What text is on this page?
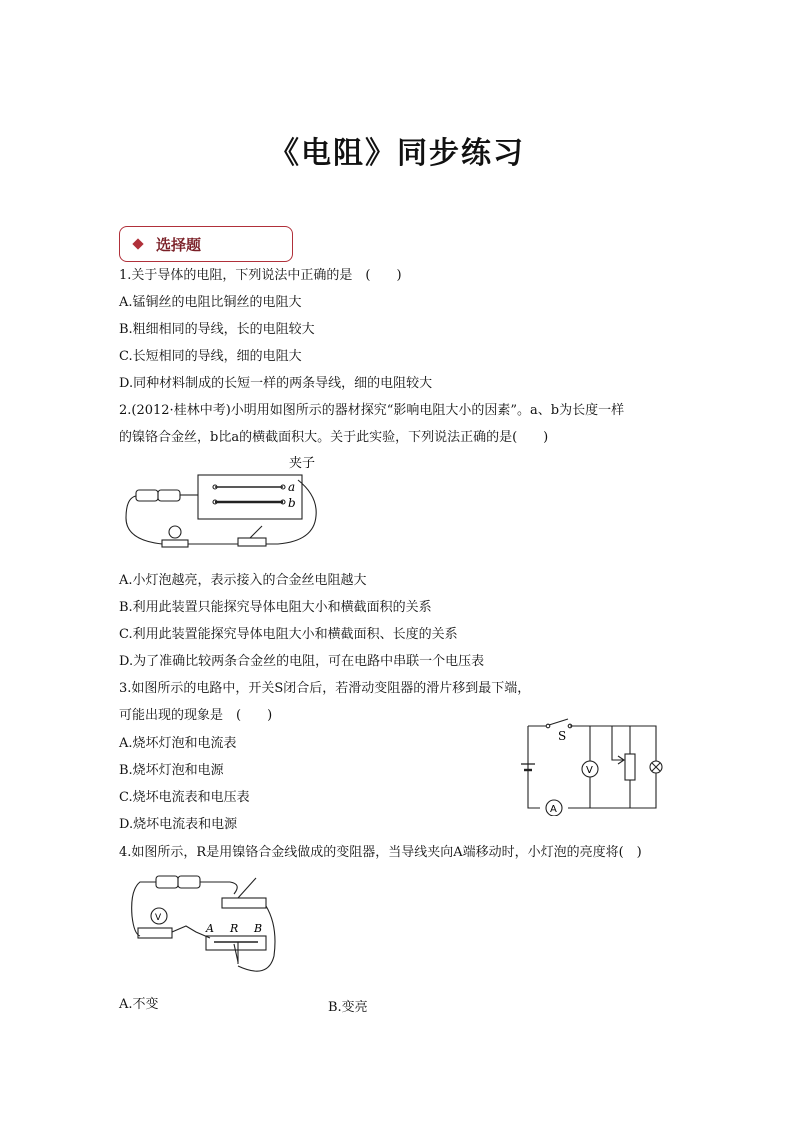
《电阻》同步练习
选择题
1.关于导体的电阻，下列说法中正确的是　(　　)
A.锰铜丝的电阻比铜丝的电阻大
B.粗细相同的导线，长的电阻较大
C.长短相同的导线，细的电阻大
D.同种材料制成的长短一样的两条导线，细的电阻较大
2.(2012·桂林中考)小明用如图所示的器材探究“影响电阻大小的因素”。a、b为长度一样
的镍铬合金丝，b比a的横截面积大。关于此实验，下列说法正确的是(　　)
夹子
a
b
A.小灯泡越亮，表示接入的合金丝电阻越大
B.利用此装置只能探究导体电阻大小和横截面积的关系
C.利用此装置能探究导体电阻大小和横截面积、长度的关系
D.为了准确比较两条合金丝的电阻，可在电路中串联一个电压表
3.如图所示的电路中，开关S闭合后，若滑动变阻器的滑片移到最下端，
可能出现的现象是　(　　)
A.烧坏灯泡和电流表
B.烧坏灯泡和电源
C.烧坏电流表和电压表
D.烧坏电流表和电源
S
V
A
4.如图所示，R是用镍铬合金线做成的变阻器，当导线夹向A端移动时，小灯泡的亮度将(　)
V
A R B
A.不变	B.变亮
